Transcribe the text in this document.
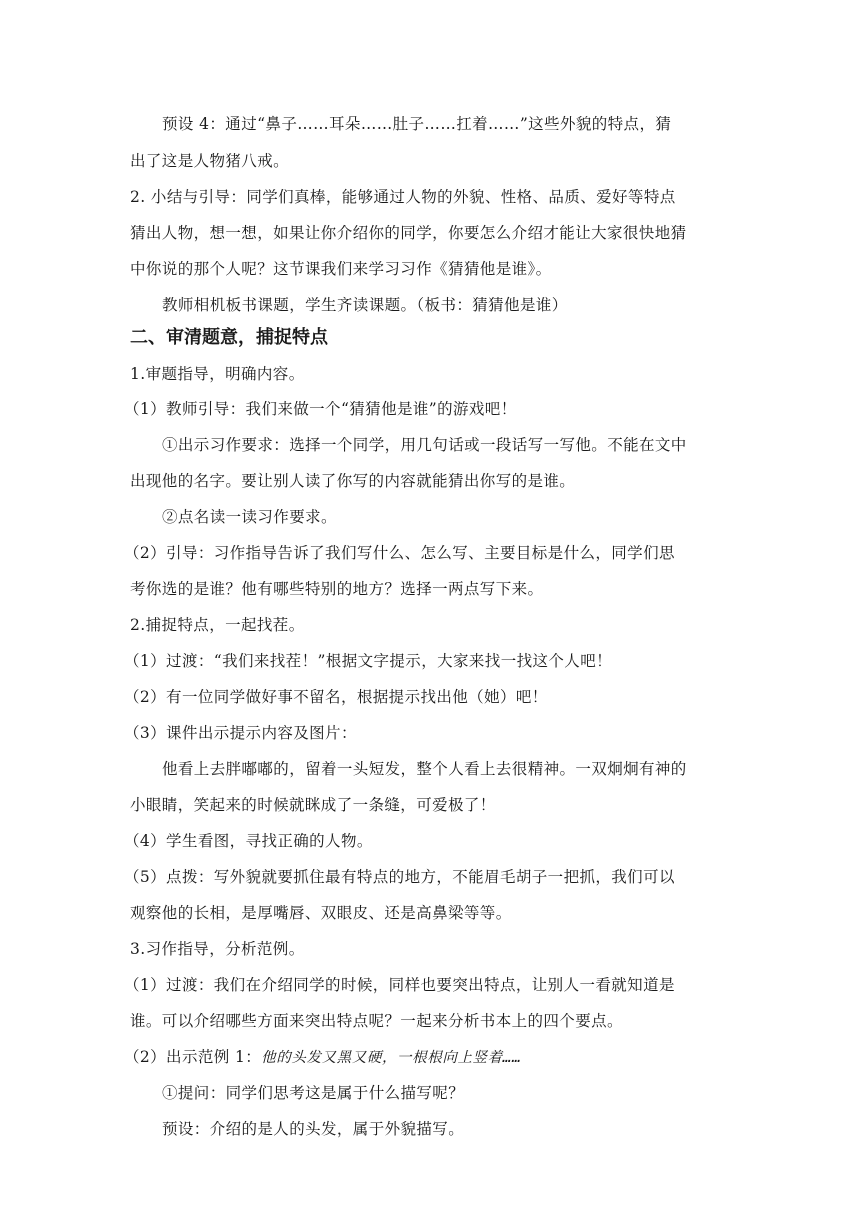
预设 4：通过“鼻子……耳朵……肚子……扛着……”这些外貌的特点，猜
出了这是人物猪八戒。
2. 小结与引导：同学们真棒，能够通过人物的外貌、性格、品质、爱好等特点
猜出人物，想一想，如果让你介绍你的同学，你要怎么介绍才能让大家很快地猜
中你说的那个人呢？这节课我们来学习习作《猜猜他是谁》。
教师相机板书课题，学生齐读课题。（板书：猜猜他是谁）
二、审清题意，捕捉特点
1.审题指导，明确内容。
（1）教师引导：我们来做一个“猜猜他是谁”的游戏吧！
①出示习作要求：选择一个同学，用几句话或一段话写一写他。不能在文中
出现他的名字。要让别人读了你写的内容就能猜出你写的是谁。
②点名读一读习作要求。
（2）引导：习作指导告诉了我们写什么、怎么写、主要目标是什么，同学们思
考你选的是谁？他有哪些特别的地方？选择一两点写下来。
2.捕捉特点，一起找茬。
（1）过渡：“我们来找茬！”根据文字提示，大家来找一找这个人吧！
（2）有一位同学做好事不留名，根据提示找出他（她）吧！
（3）课件出示提示内容及图片：
他看上去胖嘟嘟的，留着一头短发，整个人看上去很精神。一双炯炯有神的
小眼睛，笑起来的时候就眯成了一条缝，可爱极了！
（4）学生看图，寻找正确的人物。
（5）点拨：写外貌就要抓住最有特点的地方，不能眉毛胡子一把抓，我们可以
观察他的长相，是厚嘴唇、双眼皮、还是高鼻梁等等。
3.习作指导，分析范例。
（1）过渡：我们在介绍同学的时候，同样也要突出特点，让别人一看就知道是
谁。可以介绍哪些方面来突出特点呢？一起来分析书本上的四个要点。
（2）出示范例 1：他的头发又黑又硬，一根根向上竖着……
①提问：同学们思考这是属于什么描写呢？
预设：介绍的是人的头发，属于外貌描写。
